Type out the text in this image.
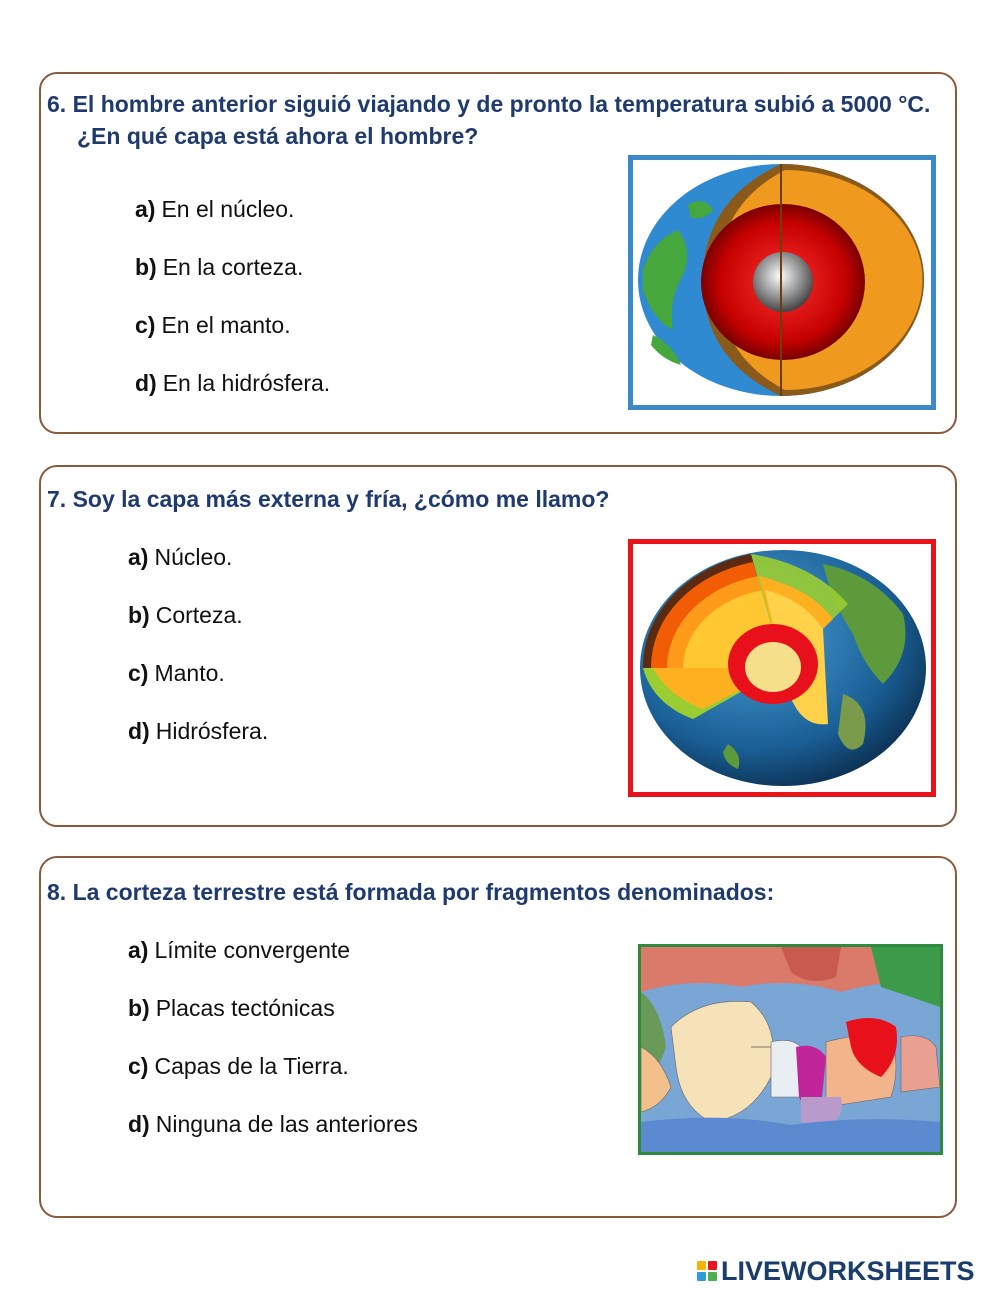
6. El hombre anterior siguió viajando y de pronto la temperatura subió a 5000 °C. ¿En qué capa está ahora el hombre?
a) En el núcleo.
b) En la corteza.
c) En el manto.
d) En la hidrósfera.
7. Soy la capa más externa y fría, ¿cómo me llamo?
a) Núcleo.
b) Corteza.
c) Manto.
d) Hidrósfera.
8. La corteza terrestre está formada por fragmentos denominados:
a) Límite convergente
b) Placas tectónicas
c) Capas de la Tierra.
d) Ninguna de las anteriores
LIVEWORKSHEETS
